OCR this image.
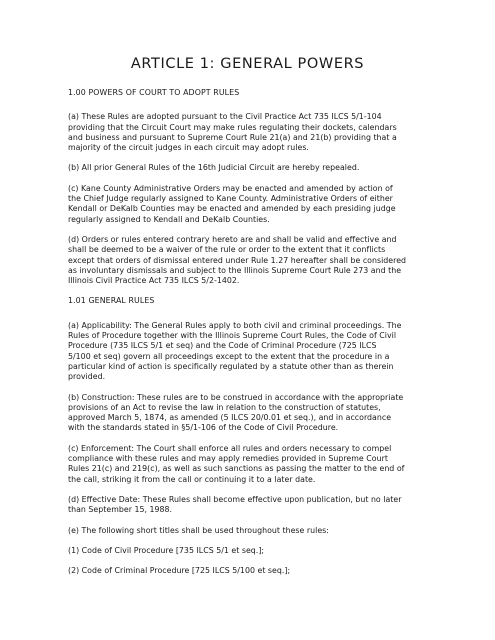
ARTICLE 1: GENERAL POWERS
1.00 POWERS OF COURT TO ADOPT RULES
(a) These Rules are adopted pursuant to the Civil Practice Act 735 ILCS 5/1-104
providing that the Circuit Court may make rules regulating their dockets, calendars
and business and pursuant to Supreme Court Rule 21(a) and 21(b) providing that a
majority of the circuit judges in each circuit may adopt rules.
(b) All prior General Rules of the 16th Judicial Circuit are hereby repealed.
(c) Kane County Administrative Orders may be enacted and amended by action of
the Chief Judge regularly assigned to Kane County. Administrative Orders of either
Kendall or DeKalb Counties may be enacted and amended by each presiding judge
regularly assigned to Kendall and DeKalb Counties.
(d) Orders or rules entered contrary hereto are and shall be valid and effective and
shall be deemed to be a waiver of the rule or order to the extent that it conflicts
except that orders of dismissal entered under Rule 1.27 hereafter shall be considered
as involuntary dismissals and subject to the Illinois Supreme Court Rule 273 and the
Illinois Civil Practice Act 735 ILCS 5/2-1402.
1.01 GENERAL RULES
(a) Applicability: The General Rules apply to both civil and criminal proceedings. The
Rules of Procedure together with the Illinois Supreme Court Rules, the Code of Civil
Procedure (735 ILCS 5/1 et seq) and the Code of Criminal Procedure (725 ILCS
5/100 et seq) govern all proceedings except to the extent that the procedure in a
particular kind of action is specifically regulated by a statute other than as therein
provided.
(b) Construction: These rules are to be construed in accordance with the appropriate
provisions of an Act to revise the law in relation to the construction of statutes,
approved March 5, 1874, as amended (5 ILCS 20/0.01 et seq.), and in accordance
with the standards stated in §5/1-106 of the Code of Civil Procedure.
(c) Enforcement: The Court shall enforce all rules and orders necessary to compel
compliance with these rules and may apply remedies provided in Supreme Court
Rules 21(c) and 219(c), as well as such sanctions as passing the matter to the end of
the call, striking it from the call or continuing it to a later date.
(d) Effective Date: These Rules shall become effective upon publication, but no later
than September 15, 1988.
(e) The following short titles shall be used throughout these rules:
(1) Code of Civil Procedure [735 ILCS 5/1 et seq.];
(2) Code of Criminal Procedure [725 ILCS 5/100 et seq.];
